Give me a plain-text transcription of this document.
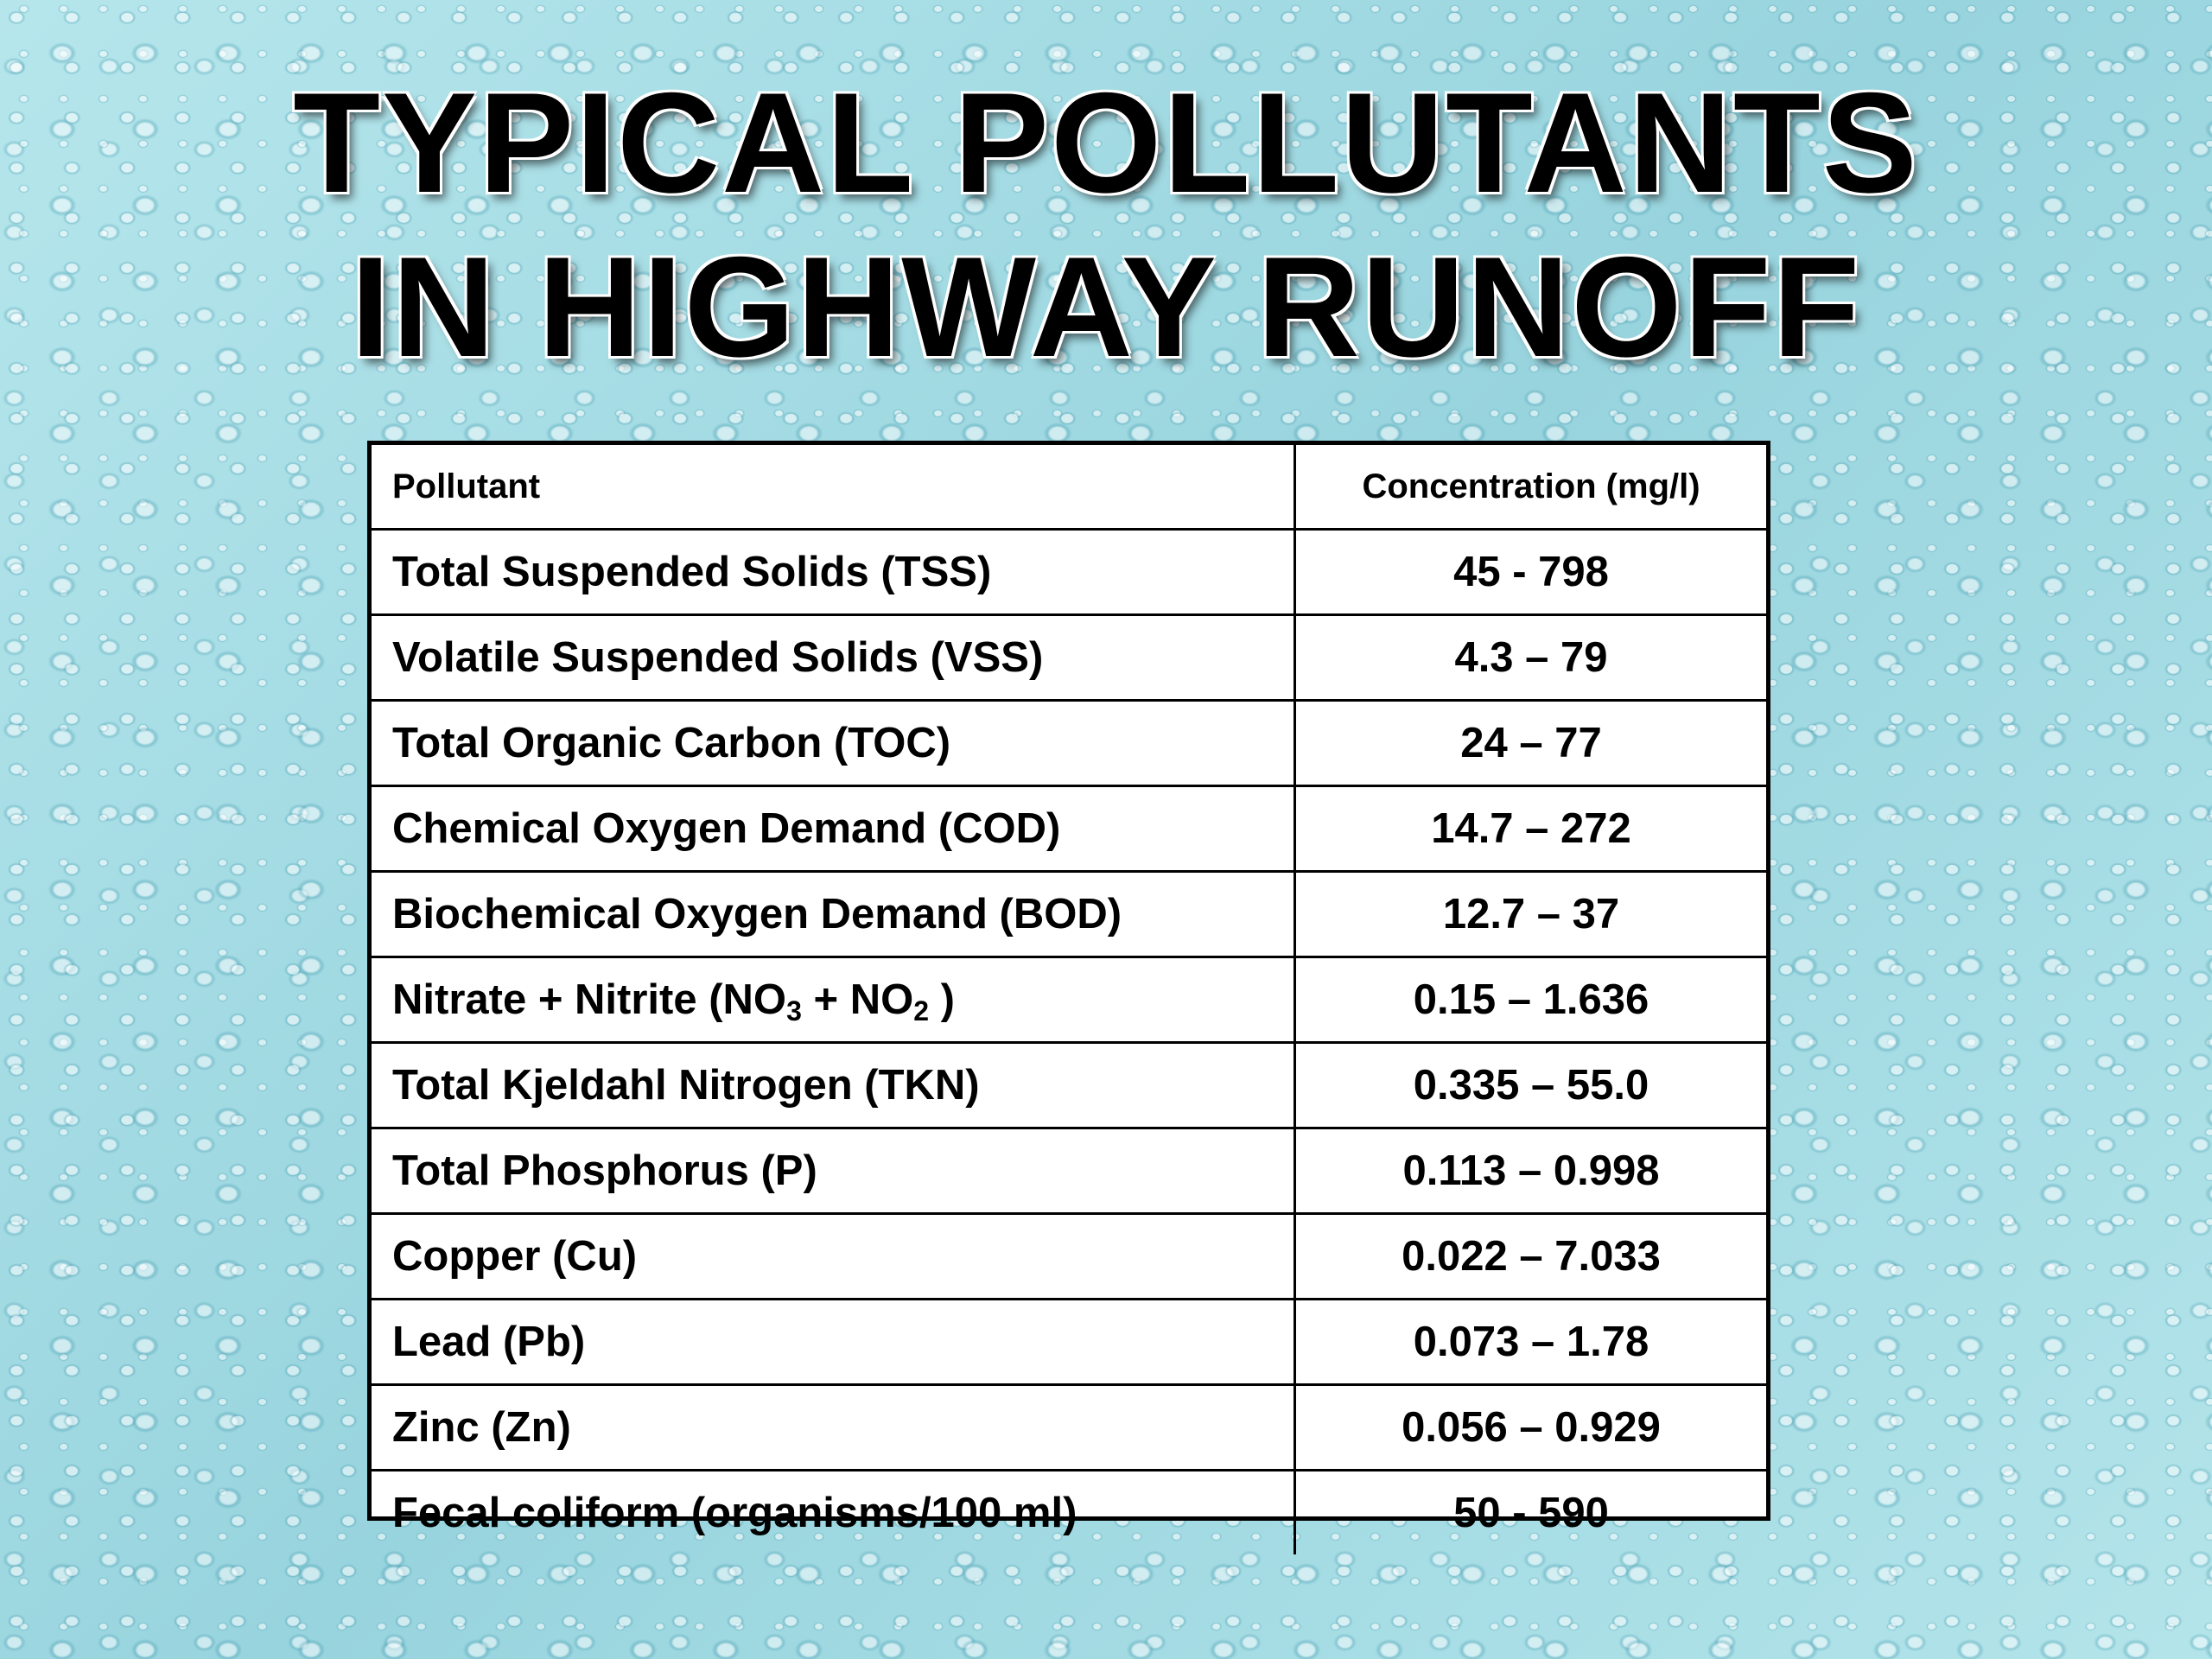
TYPICAL POLLUTANTS
IN HIGHWAY RUNOFF
Pollutant	Concentration (mg/l)
Total Suspended Solids (TSS)	45 - 798
Volatile Suspended Solids (VSS)	4.3 – 79
Total Organic Carbon (TOC)	24 – 77
Chemical Oxygen Demand (COD)	14.7 – 272
Biochemical Oxygen Demand (BOD)	12.7 – 37
Nitrate + Nitrite ($NO_3 + NO_2$ )	0.15 – 1.636
Total Kjeldahl Nitrogen (TKN)	0.335 – 55.0
Total Phosphorus (P)	0.113 – 0.998
Copper (Cu)	0.022 – 7.033
Lead (Pb)	0.073 – 1.78
Zinc (Zn)	0.056 – 0.929
Fecal coliform (organisms/100 ml)	50 - 590
